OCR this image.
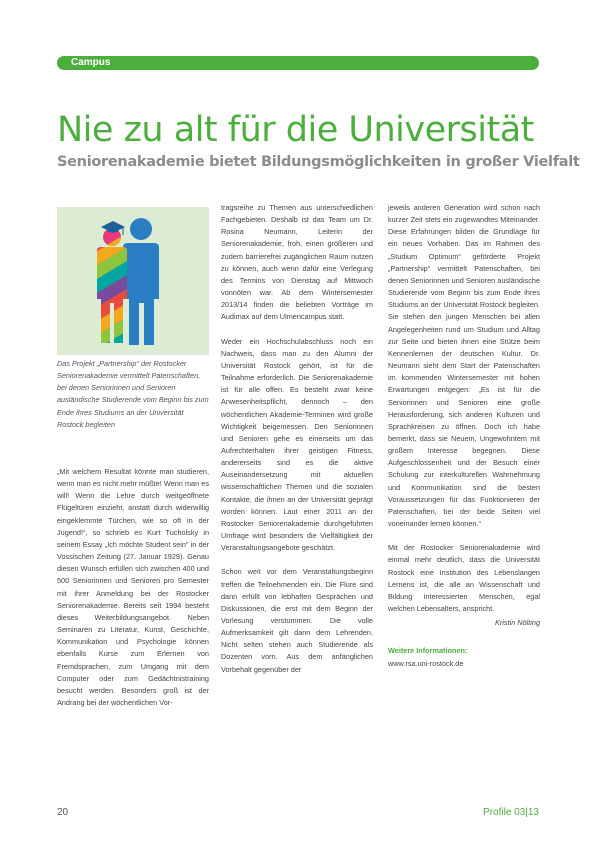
Campus
Nie zu alt für die Universität
Seniorenakademie bietet Bildungsmöglichkeiten in großer Vielfalt
Das Projekt „Partnership“ der Rostocker Seniorenakademie vermittelt Patenschaften, bei denen Seniorinnen und Senioren ausländische Studierende vom Beginn bis zum Ende ihres Studiums an der Universität Rostock begleiten

„Mit welchem Resultat könnte man studieren, wenn man es nicht mehr müßte! Wenn man es will! Wenn die Lehre durch weitgeöffnete Flügeltüren einzieht, anstatt durch widerwillig eingeklemmte Türchen, wie so oft in der Jugend!“, so schrieb es Kurt Tucholsky in seinem Essay „Ich möchte Student sein“ in der Vossischen Zeitung (27. Januar 1929). Genau diesen Wunsch erfüllen sich zwischen 400 und 500 Seniorinnen und Senioren pro Semester mit ihrer Anmeldung bei der Rostocker Seniorenakademie. Bereits seit 1994 besteht dieses Weiterbildungsangebot. Neben Seminaren zu Literatur, Kunst, Geschichte, Kommunikation und Psychologie können ebenfalls Kurse zum Erlernen von Fremdsprachen, zum Umgang mit dem Computer oder zum Gedächtnistraining besucht werden. Besonders groß ist der Andrang bei der wöchentlichen Vor-

tragsreihe zu Themen aus unterschiedlichen Fachgebieten. Deshalb ist das Team um Dr. Rosina Neumann, Leiterin der Seniorenakademie, froh, einen größeren und zudem barrierefrei zugänglichen Raum nutzen zu können, auch wenn dafür eine Verlegung des Termins von Dienstag auf Mittwoch vonnöten war. Ab dem Wintersemester 2013/14 finden die beliebten Vorträge im Audimax auf dem Ulmencampus statt.

Weder ein Hochschulabschluss noch ein Nachweis, dass man zu den Alumni der Universität Rostock gehört, ist für die Teilnahme erforderlich. Die Seniorenakademie ist für alle offen. Es besteht zwar keine Anwesenheitspflicht, dennoch – den wöchentlichen Akademie-Terminen wird große Wichtigkeit beigemessen. Den Seniorinnen und Senioren gehe es einerseits um das Aufrechterhalten ihrer geistigen Fitness, andererseits sind es die aktive Auseinandersetzung mit aktuellen wissenschaftlichen Themen und die sozialen Kontakte, die ihnen an der Universität geprägt worden können. Laut einer 2011 an der Rostocker Seniorenakademie durchgeführten Umfrage wird besonders die Vielfältigkeit der Veranstaltungsangebote geschätzt.

Schon weit vor dem Veranstaltungsbeginn treffen die Teilnehmenden ein. Die Flure sind dann erfüllt von lebhaften Gesprächen und Diskussionen, die erst mit dem Beginn der Vorlesung verstummen. Die volle Aufmerksamkeit gilt dann dem Lehrenden. Nicht selten stehen auch Studierende als Dozenten vorn. Aus dem anfänglichen Vorbehalt gegenüber der

jeweils anderen Generation wird schon nach kurzer Zeit stets ein zugewandtes Miteinander. Diese Erfahrungen bilden die Grundlage für ein neues Vorhaben. Das im Rahmen des „Studium Optimum“ geförderte Projekt „Partnership“ vermittelt Patenschaften, bei denen Seniorinnen und Senioren ausländische Studierende vom Beginn bis zum Ende ihres Studiums an der Universität Rostock begleiten. Sie stehen den jungen Menschen bei allen Angelegenheiten rund um Studium und Alltag zur Seite und bieten ihnen eine Stütze beim Kennenlernen der deutschen Kultur. Dr. Neumann sieht dem Start der Patenschaften im kommenden Wintersemester mit hohen Erwartungen entgegen: „Es ist für die Seniorinnen und Senioren eine große Herausforderung, sich anderen Kulturen und Sprachkreisen zu öffnen. Doch ich habe bemerkt, dass sie Neuem, Ungewohntem mit großem Interesse begegnen. Diese Aufgeschlossenheit und der Besuch einer Schulung zur interkulturellen Wahrnehmung und Kommunikation sind die besten Voraussetzungen für das Funktionieren der Patenschaften, bei der beide Seiten viel voneinander lernen können.“

Mit der Rostocker Seniorenakademie wird einmal mehr deutlich, dass die Universität Rostock eine Institution des Lebenslangen Lernens ist, die alle an Wissenschaft und Bildung interessierten Menschen, egal welchen Lebensalters, anspricht.

Kristin Nölting

Weitere Informationen:

www.rsa.uni-rostock.de

20	Profile 03|13
